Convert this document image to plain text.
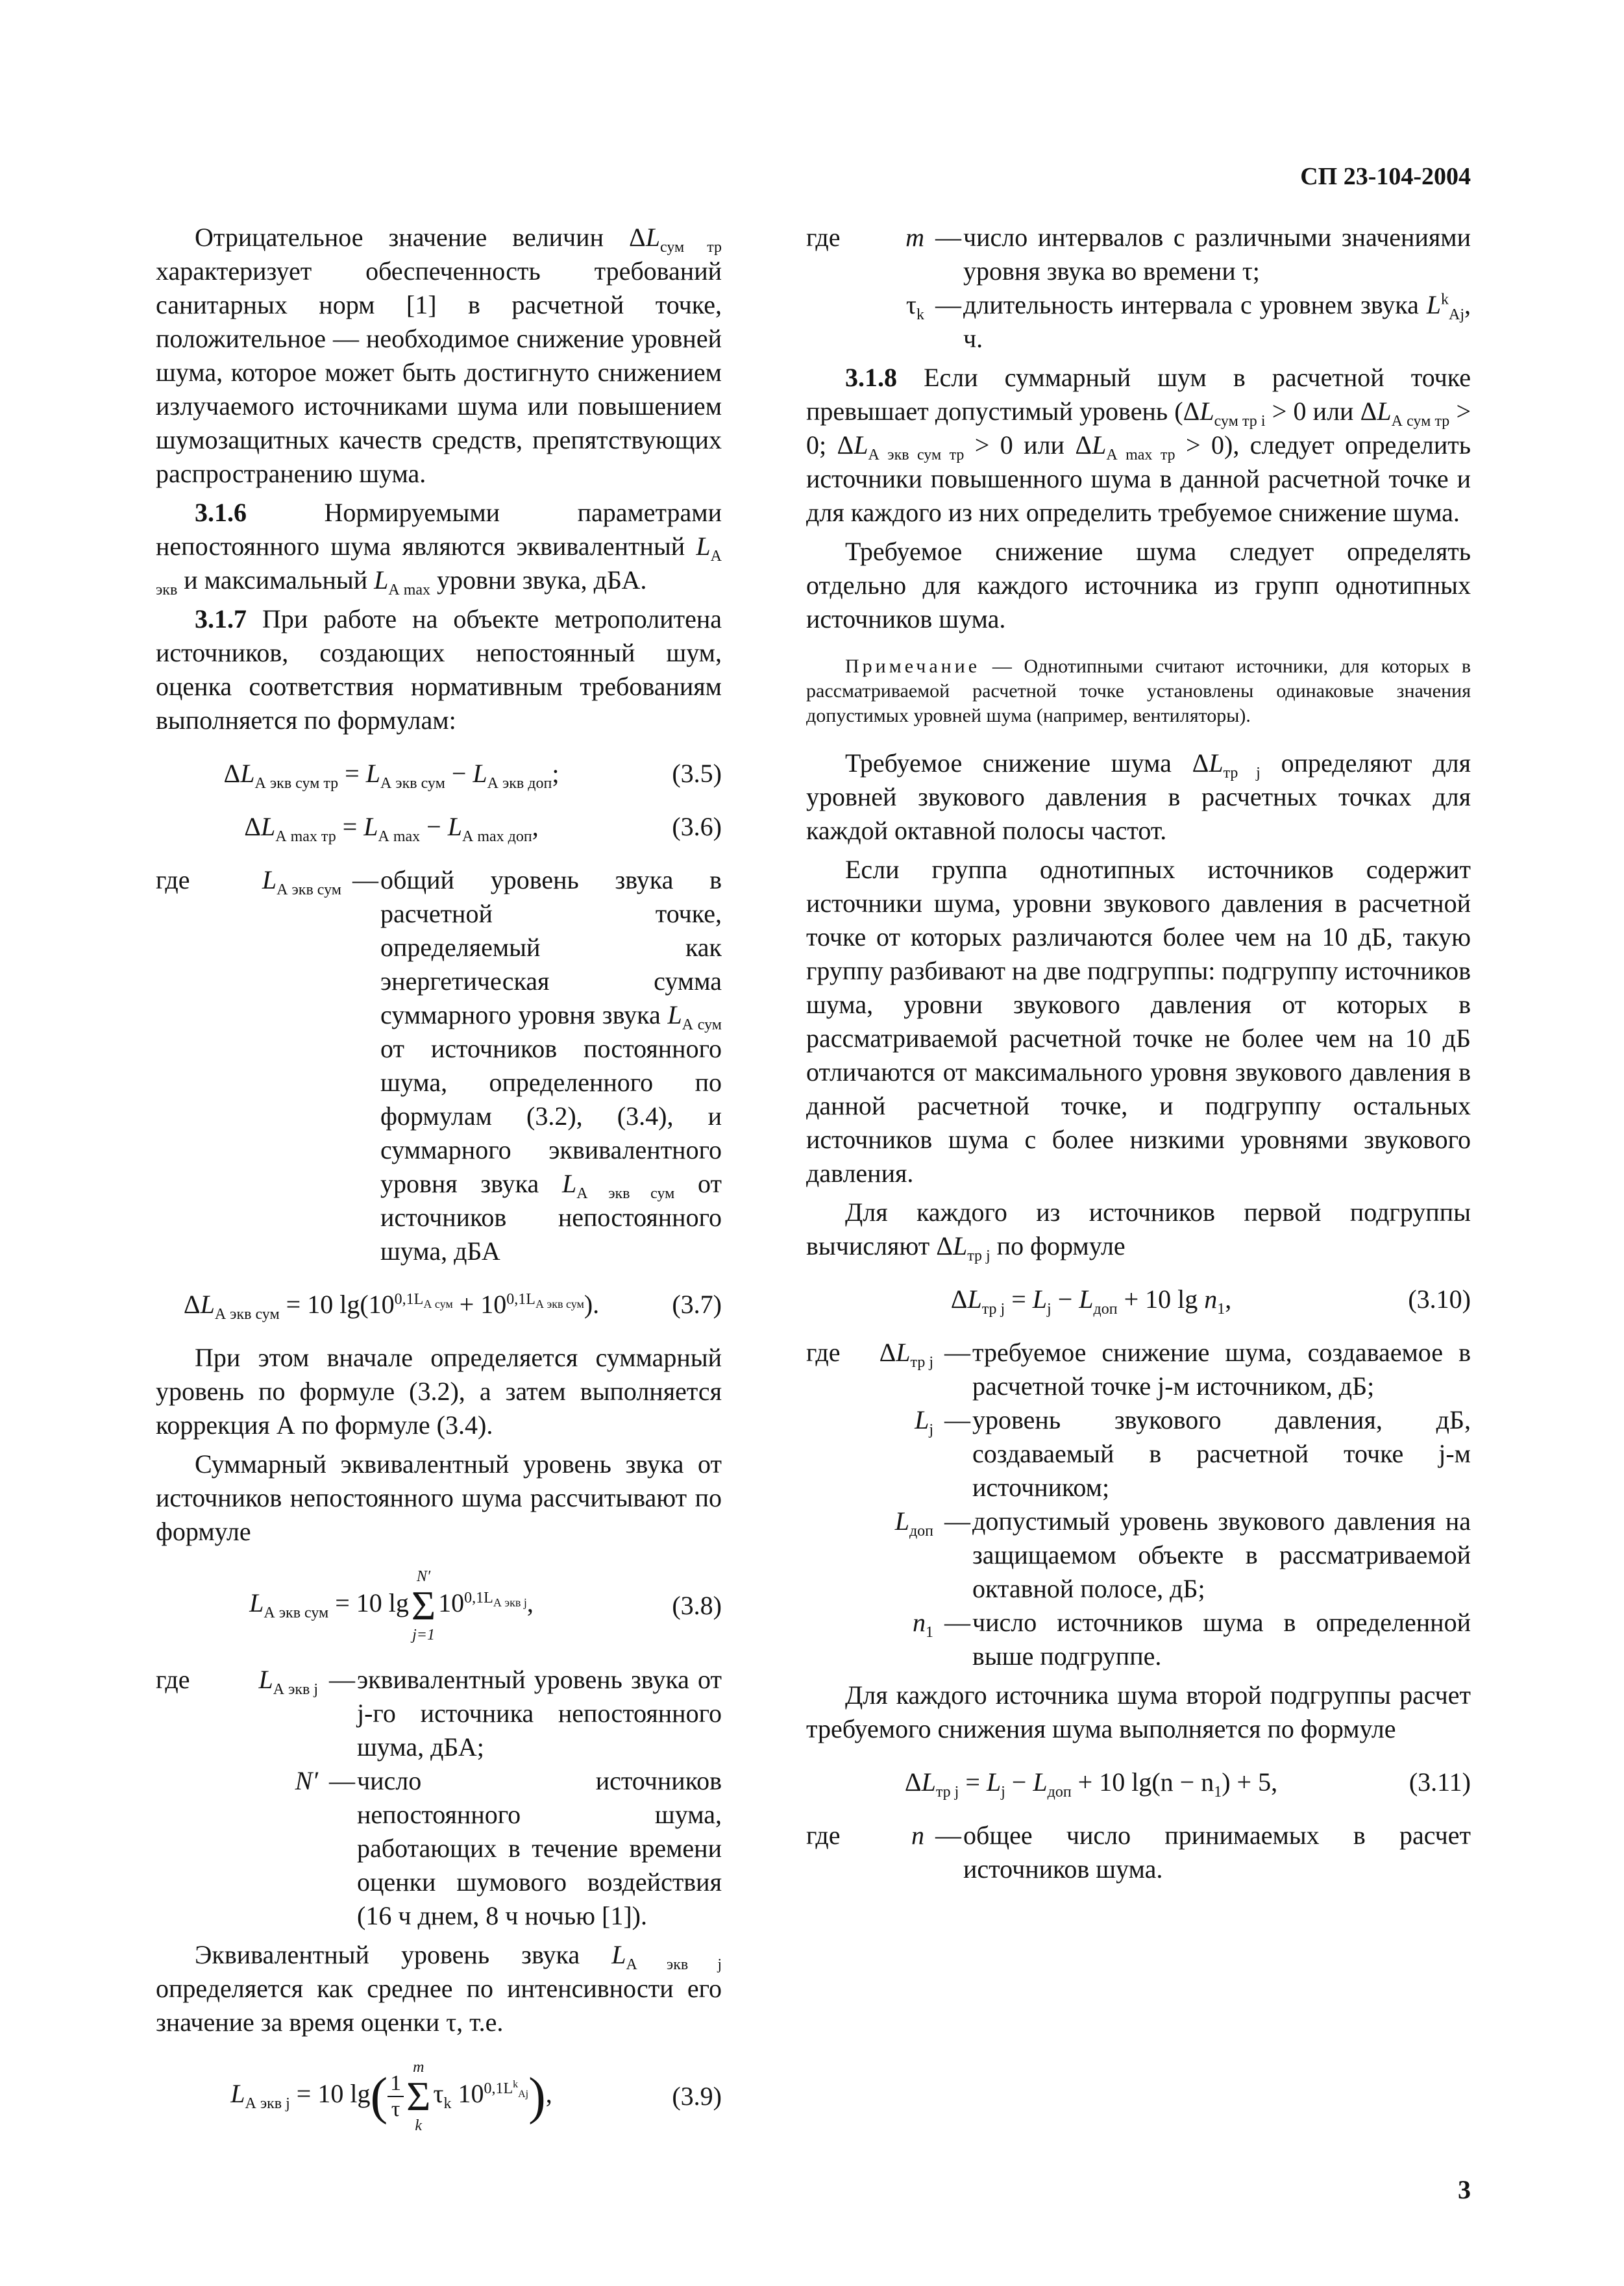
СП 23-104-2004

Отрицательное значение величин $\Delta L_{сум тр}$ характеризует обеспеченность требований санитарных норм [1] в расчетной точке, положительное — необходимое снижение уровней шума, которое может быть достигнуто снижением излучаемого источниками шума или повышением шумозащитных качеств средств, препятствующих распространению шума.

3.1.6 Нормируемыми параметрами непостоянного шума являются эквивалентный $L_{А экв}$ и максимальный $L_{А max}$ уровни звука, дБА.

3.1.7 При работе на объекте метрополитена источников, создающих непостоянный шум, оценка соответствия нормативным требованиям выполняется по формулам:

$\Delta L_{А экв сум тр} = L_{А экв сум} - L_{А экв доп}$;	(3.5)
$\Delta L_{А max тр} = L_{А max} - L_{А max доп}$,	(3.6)
где	$L_{А экв сум}$	—	общий уровень звука в расчетной точке, определяемый как энергетическая сумма суммарного уровня звука $L_{А сум}$ от источников постоянного шума, определенного по формулам (3.2), (3.4), и суммарного эквивалентного уровня звука $L_{А экв сум}$ от источников непостоянного шума, дБА
$\Delta L_{А экв сум} = 10$ $\lg(10^{0,1L_{А сум}} + 10^{0,1L_{А экв сум}})$.	(3.7)

При этом вначале определяется суммарный уровень по формуле (3.2), а затем выполняется коррекция А по формуле (3.4).

Суммарный эквивалентный уровень звука от источников непостоянного шума рассчитывают по формуле

$L_{А экв сум} = 10$ lg
N′
Σ
j=1
$10^{0,1L_{А экв j}}$,	(3.8)
где	$L_{А экв j}$	—	эквивалентный уровень звука от j-го источника непостоянного шума, дБА;
	N′	—	число источников непостоянного шума, работающих в течение времени оценки шумового воздействия (16 ч днем, 8 ч ночью [1]).

Эквивалентный уровень звука $L_{А экв j}$ определяется как среднее по интенсивности его значение за время оценки τ, т.е.

$L_{А экв j} = 10$ $\lg( \frac{1}{\tau}$
m
Σ
k
$\tau_k$ $10^{0,1L^k_{Aj}}$),	(3.9)
где	m	—	число интервалов с различными значениями уровня звука во времени τ;
	$\tau_k$	—	длительность интервала с уровнем звука $L^k_{Aj}$, ч.

3.1.8 Если суммарный шум в расчетной точке превышает допустимый уровень ($\Delta L_{сум тр i} > 0$ или $\Delta L_{А сум тр} > 0$; $\Delta L_{А экв сум тр} > 0$ или $\Delta L_{А max тр} > 0$), следует определить источники повышенного шума в данной расчетной точке и для каждого из них определить требуемое снижение шума.

Требуемое снижение шума следует определять отдельно для каждого источника из групп однотипных источников шума.

Примечание — Однотипными считают источники, для которых в рассматриваемой расчетной точке установлены одинаковые значения допустимых уровней шума (например, вентиляторы).

Требуемое снижение шума $\Delta L_{тр j}$ определяют для уровней звукового давления в расчетных точках для каждой октавной полосы частот.

Если группа однотипных источников содержит источники шума, уровни звукового давления в расчетной точке от которых различаются более чем на 10 дБ, такую группу разбивают на две подгруппы: подгруппу источников шума, уровни звукового давления от которых в рассматриваемой расчетной точке не более чем на 10 дБ отличаются от максимального уровня звукового давления в данной расчетной точке, и подгруппу остальных источников шума с более низкими уровнями звукового давления.

Для каждого из источников первой подгруппы вычисляют $\Delta L_{тр j}$ по формуле

$\Delta L_{тр j} = L_j - L_{доп} + 10$ $\lg n_1$,	(3.10)
где	$\Delta L_{тр j}$	—	требуемое снижение шума, создаваемое в расчетной точке j-м источником, дБ;
	$L_j$	—	уровень звукового давления, дБ, создаваемый в расчетной точке j-м источником;
	$L_{доп}$	—	допустимый уровень звукового давления на защищаемом объекте в рассматриваемой октавной полосе, дБ;
	$n_1$	—	число источников шума в определенной выше подгруппе.

Для каждого источника шума второй подгруппы расчет требуемого снижения шума выполняется по формуле

$\Delta L_{тр j} = L_j - L_{доп} + 10$ $\lg(n - n_1) + 5$,	(3.11)
где	n	—	общее число принимаемых в расчет источников шума.
3
